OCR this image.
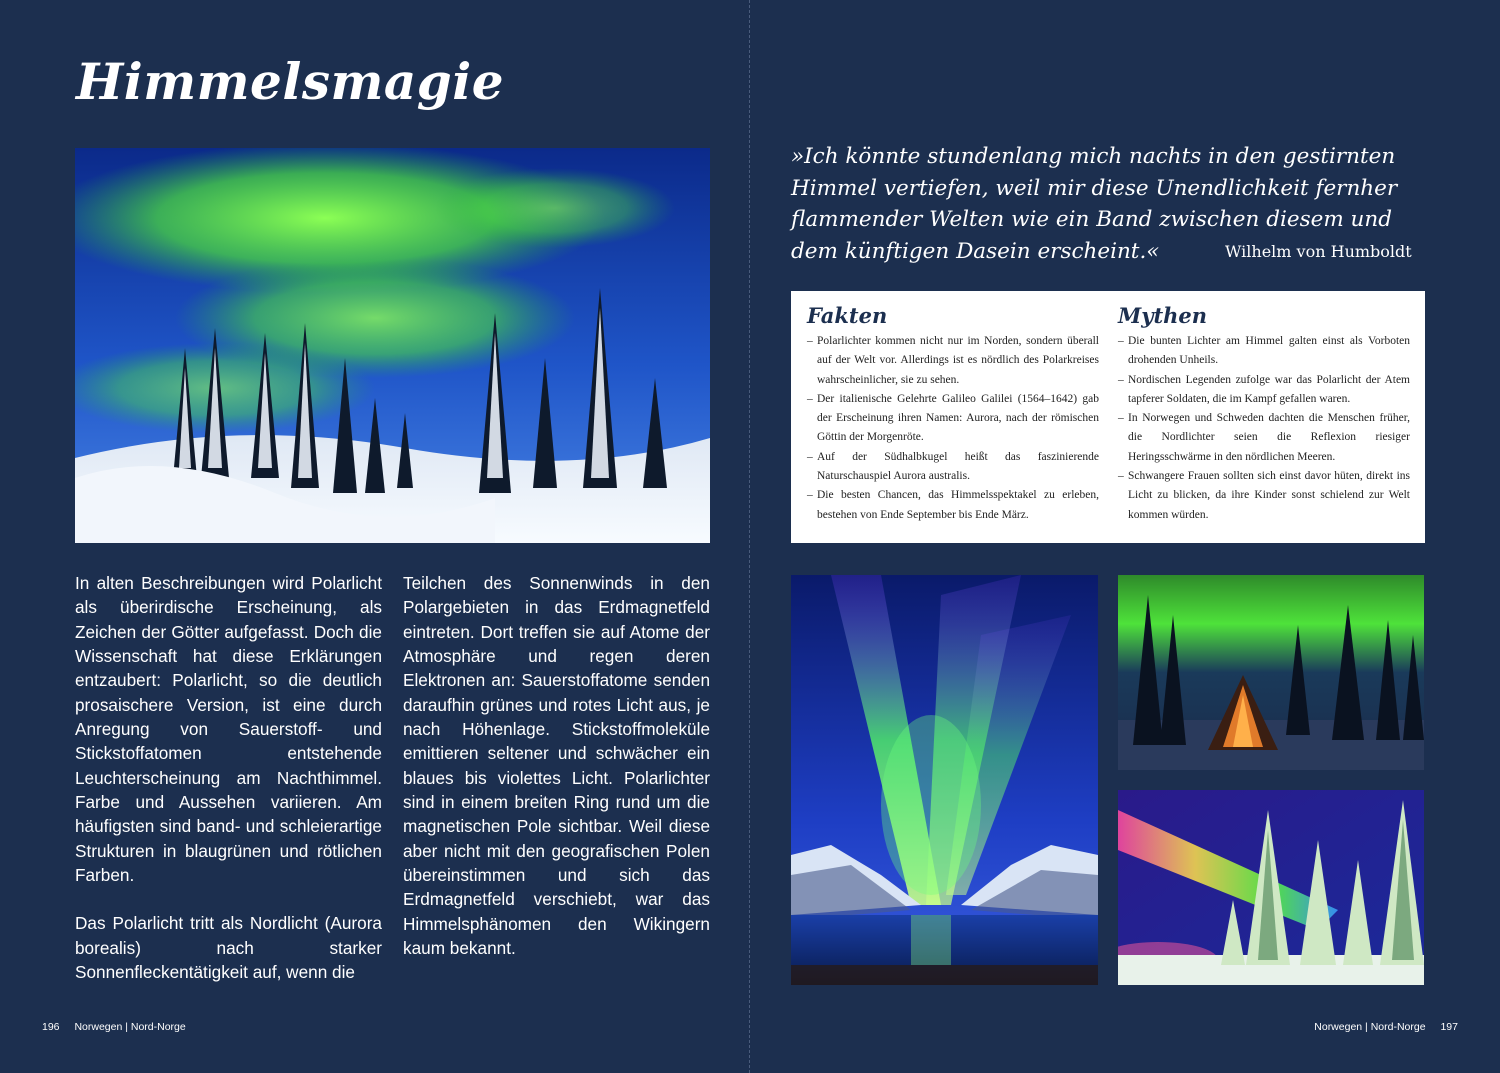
Himmelsmagie

In alten Beschreibungen wird Polarlicht als überirdische Erscheinung, als Zeichen der Götter aufgefasst. Doch die Wissenschaft hat diese Erklärungen entzaubert: Polarlicht, so die deutlich prosaischere Version, ist eine durch Anregung von Sauerstoff- und Stickstoffatomen entstehende Leuchterscheinung am Nachthimmel. Farbe und Aussehen variieren. Am häufigsten sind band- und schleierartige Strukturen in blaugrünen und rötlichen Farben.

Das Polarlicht tritt als Nordlicht (Aurora borealis) nach starker Sonnenfleckentätigkeit auf, wenn die

Teilchen des Sonnenwinds in den Polargebieten in das Erdmagnetfeld eintreten. Dort treffen sie auf Atome der Atmosphäre und regen deren Elektronen an: Sauerstoffatome senden daraufhin grünes und rotes Licht aus, je nach Höhenlage. Stickstoffmoleküle emittieren seltener und schwächer ein blaues bis violettes Licht. Polarlichter sind in einem breiten Ring rund um die magnetischen Pole sichtbar. Weil diese aber nicht mit den geografischen Polen übereinstimmen und sich das Erdmagnetfeld verschiebt, war das Himmelsphänomen den Wikingern kaum bekannt.

196 Norwegen | Nord-Norge
»Ich könnte stundenlang mich nachts in den gestirnten Himmel vertiefen, weil mir diese Unendlichkeit fernher flammender Welten wie ein Band zwischen diesem und dem künftigen Dasein erscheint.«	Wilhelm von Humboldt
Fakten
– Polarlichter kommen nicht nur im Norden, sondern überall auf der Welt vor. Allerdings ist es nördlich des Polarkreises wahrscheinlicher, sie zu sehen.
– Der italienische Gelehrte Galileo Galilei (1564–1642) gab der Erscheinung ihren Namen: Aurora, nach der römischen Göttin der Morgenröte.
– Auf der Südhalbkugel heißt das faszinierende Naturschauspiel Aurora australis.
– Die besten Chancen, das Himmelsspektakel zu erleben, bestehen von Ende September bis Ende März.
Mythen
– Die bunten Lichter am Himmel galten einst als Vorboten drohenden Unheils.
– Nordischen Legenden zufolge war das Polarlicht der Atem tapferer Soldaten, die im Kampf gefallen waren.
– In Norwegen und Schweden dachten die Menschen früher, die Nordlichter seien die Reflexion riesiger Heringsschwärme in den nördlichen Meeren.
– Schwangere Frauen sollten sich einst davor hüten, direkt ins Licht zu blicken, da ihre Kinder sonst schielend zur Welt kommen würden.
Norwegen | Nord-Norge 197
